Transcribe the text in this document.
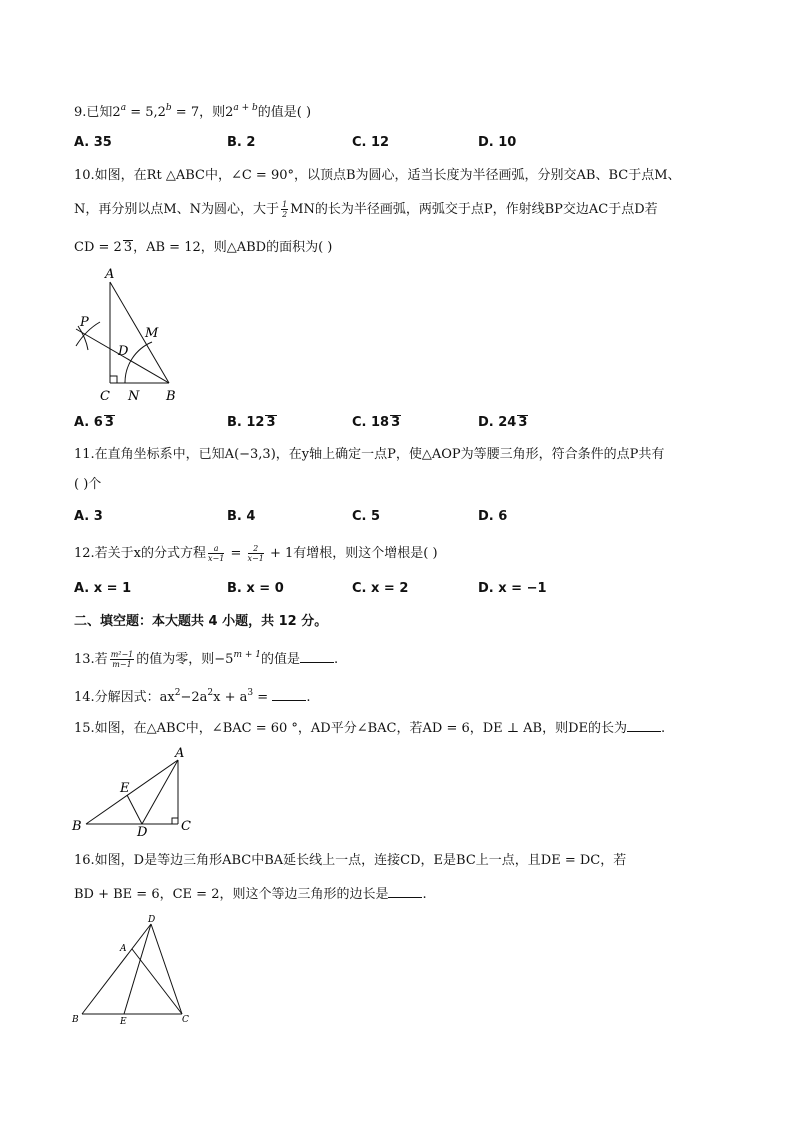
9.已知$2^a = 5,2^b = 7$，则$2^{a + b}$的值是( )
A. 35	B. 2	C. 12	D. 10
10.如图，在Rt △ABC中，∠C = 90°，以顶点B为圆心，适当长度为半径画弧，分别交AB、BC于点M、
N，再分别以点M、N为圆心，大于 $\frac{1}{2}$ MN的长为半径画弧，两弧交于点P，作射线BP交边AC于点D若
CD = 2 3，AB = 12，则△ABD的面积为( )
A
P
M
D
C N B
A. 6 3	B. 12 3	C. 18 3	D. 24 3
11.在直角坐标系中，已知A(−3,3)，在y轴上确定一点P，使△AOP为等腰三角形，符合条件的点P共有
( )个
A. 3	B. 4	C. 5	D. 6
12.若关于x的分式方程 $\frac{a}{x-1} = \frac{2}{x-1} + 1$有增根，则这个增根是( )
A. x = 1	B. x = 0	C. x = 2	D. x = −1
二、填空题：本大题共 4 小题，共 12 分。
13.若 $\frac{\text{m²−1}}{m-1}$ 的值为零，则$-5^{m + 1}$的值是	.
14.分解因式：$ax^2-2a^2x + a^3$ =	.
15.如图，在△ABC中，∠BAC = 60 °，AD平分∠BAC，若AD = 6，DE ⊥ AB，则DE的长为	.
A
E
B	D	C
16.如图，D是等边三角形ABC中BA延长线上一点，连接CD，E是BC上一点，且DE = DC，若
BD + BE = 6，CE = 2，则这个等边三角形的边长是	.
D
A
B	E	C
